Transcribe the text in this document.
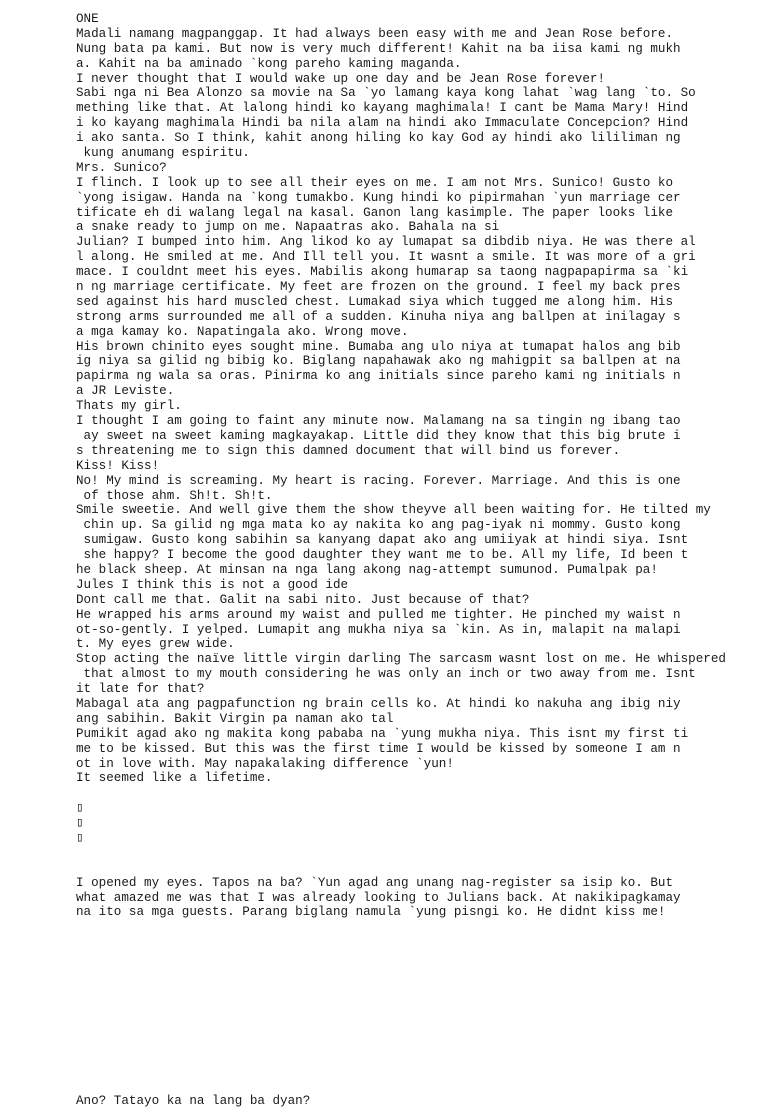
ONE
Madali namang magpanggap. It had always been easy with me and Jean Rose before.
Nung bata pa kami. But now is very much different! Kahit na ba iisa kami ng mukh
a. Kahit na ba aminado `kong pareho kaming maganda.
I never thought that I would wake up one day and be Jean Rose forever!
Sabi nga ni Bea Alonzo sa movie na Sa `yo lamang kaya kong lahat `wag lang `to. So
mething like that. At lalong hindi ko kayang maghimala! I cant be Mama Mary! Hind
i ko kayang maghimala Hindi ba nila alam na hindi ako Immaculate Concepcion? Hind
i ako santa. So I think, kahit anong hiling ko kay God ay hindi ako lililiman ng
kung anumang espiritu.
Mrs. Sunico?
I flinch. I look up to see all their eyes on me. I am not Mrs. Sunico! Gusto ko
`yong isigaw. Handa na `kong tumakbo. Kung hindi ko pipirmahan `yun marriage cer
tificate eh di walang legal na kasal. Ganon lang kasimple. The paper looks like
a snake ready to jump on me. Napaatras ako. Bahala na si
Julian? I bumped into him. Ang likod ko ay lumapat sa dibdib niya. He was there al
l along. He smiled at me. And Ill tell you. It wasnt a smile. It was more of a gri
mace. I couldnt meet his eyes. Mabilis akong humarap sa taong nagpapapirma sa `ki
n ng marriage certificate. My feet are frozen on the ground. I feel my back pres
sed against his hard muscled chest. Lumakad siya which tugged me along him. His
strong arms surrounded me all of a sudden. Kinuha niya ang ballpen at inilagay s
a mga kamay ko. Napatingala ako. Wrong move.
His brown chinito eyes sought mine. Bumaba ang ulo niya at tumapat halos ang bib
ig niya sa gilid ng bibig ko. Biglang napahawak ako ng mahigpit sa ballpen at na
papirma ng wala sa oras. Pinirma ko ang initials since pareho kami ng initials n
a JR Leviste.
Thats my girl.
I thought I am going to faint any minute now. Malamang na sa tingin ng ibang tao
ay sweet na sweet kaming magkayakap. Little did they know that this big brute i
s threatening me to sign this damned document that will bind us forever.
Kiss! Kiss!
No! My mind is screaming. My heart is racing. Forever. Marriage. And this is one
of those ahm. Sh!t. Sh!t.
Smile sweetie. And well give them the show theyve all been waiting for. He tilted my
chin up. Sa gilid ng mga mata ko ay nakita ko ang pag-iyak ni mommy. Gusto kong
sumigaw. Gusto kong sabihin sa kanyang dapat ako ang umiiyak at hindi siya. Isnt
she happy? I become the good daughter they want me to be. All my life, Id been t
he black sheep. At minsan na nga lang akong nag-attempt sumunod. Pumalpak pa!
Jules I think this is not a good ide
Dont call me that. Galit na sabi nito. Just because of that?
He wrapped his arms around my waist and pulled me tighter. He pinched my waist n
ot-so-gently. I yelped. Lumapit ang mukha niya sa `kin. As in, malapit na malapi
t. My eyes grew wide.
Stop acting the naïve little virgin darling The sarcasm wasnt lost on me. He whispered
that almost to my mouth considering he was only an inch or two away from me. Isnt
it late for that?
Mabagal ata ang pagpafunction ng brain cells ko. At hindi ko nakuha ang ibig niy
ang sabihin. Bakit Virgin pa naman ako tal
Pumikit agad ako ng makita kong pababa na `yung mukha niya. This isnt my first ti
me to be kissed. But this was the first time I would be kissed by someone I am n
ot in love with. May napakalaking difference `yun!
It seemed like a lifetime.
▯
▯
▯
I opened my eyes. Tapos na ba? `Yun agad ang unang nag-register sa isip ko. But
what amazed me was that I was already looking to Julians back. At nakikipagkamay
na ito sa mga guests. Parang biglang namula `yung pisngi ko. He didnt kiss me!
Ano? Tatayo ka na lang ba dyan?
